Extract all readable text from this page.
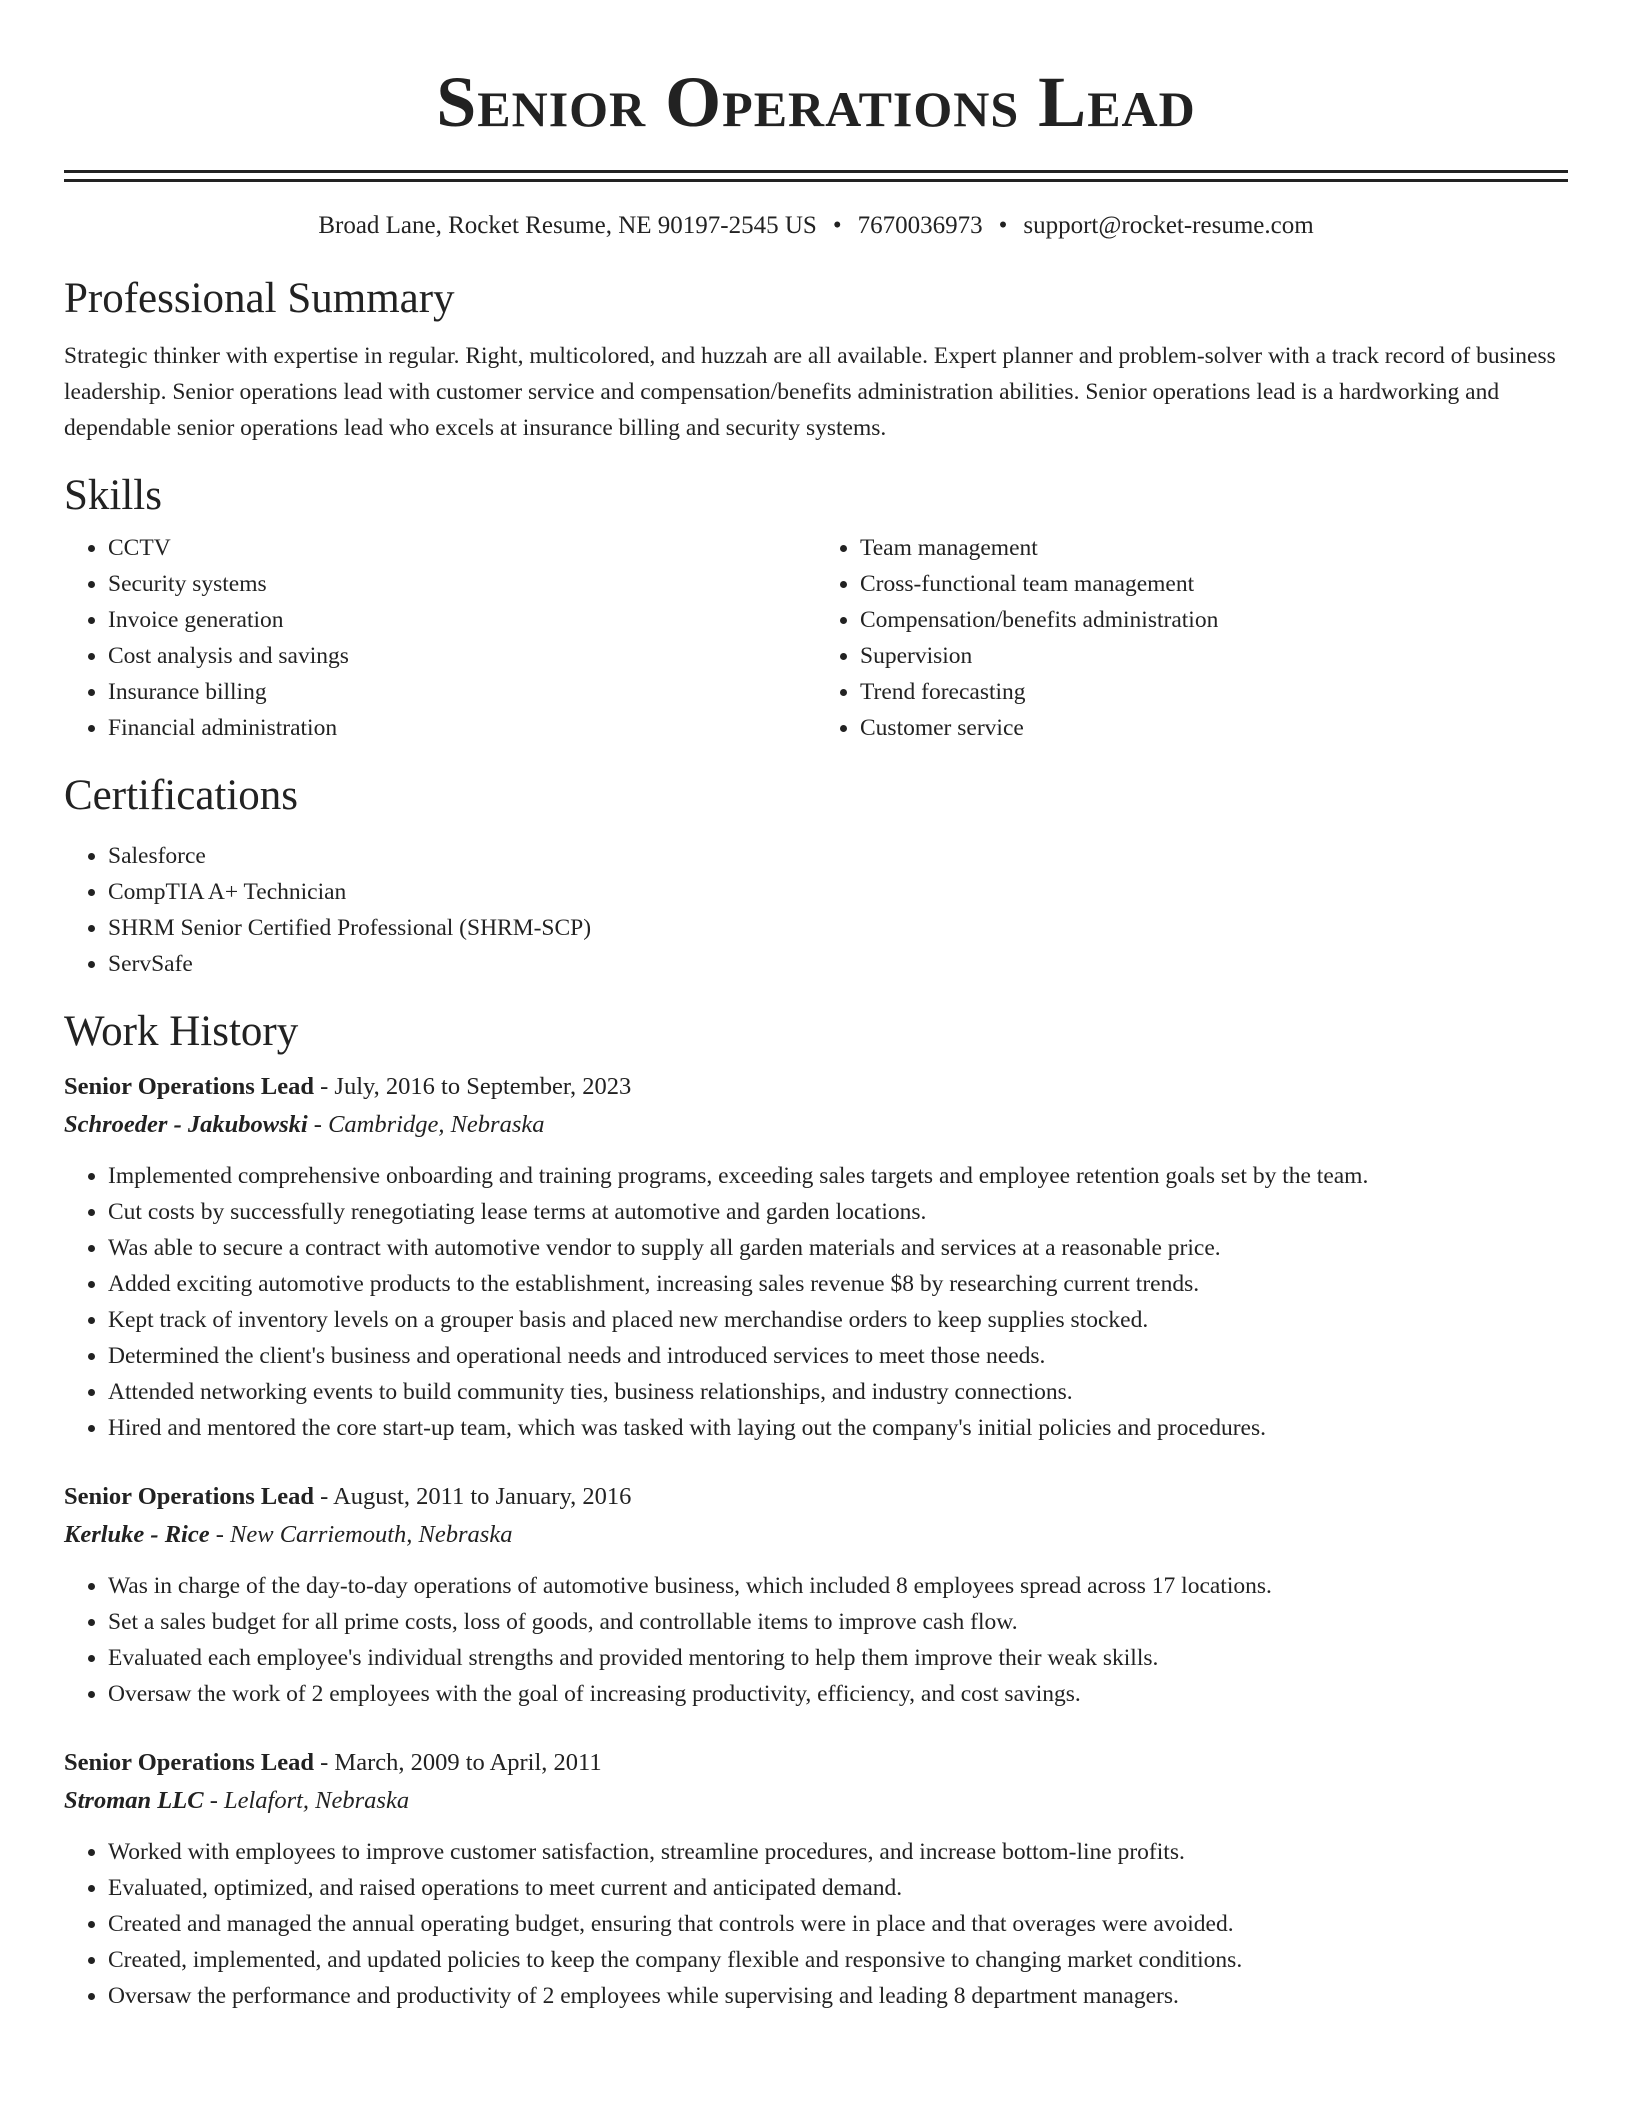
Senior Operations Lead
Broad Lane, Rocket Resume, NE 90197-2545 US • 7670036973 • support@rocket-resume.com
Professional Summary

Strategic thinker with expertise in regular. Right, multicolored, and huzzah are all available. Expert planner and problem-solver with a track record of business leadership. Senior operations lead with customer service and compensation/benefits administration abilities. Senior operations lead is a hardworking and dependable senior operations lead who excels at insurance billing and security systems.

Skills
• CCTV
• Security systems
• Invoice generation
• Cost analysis and savings
• Insurance billing
• Financial administration
• Team management
• Cross-functional team management
• Compensation/benefits administration
• Supervision
• Trend forecasting
• Customer service
Certifications
• Salesforce
• CompTIA A+ Technician
• SHRM Senior Certified Professional (SHRM-SCP)
• ServSafe
Work History
Senior Operations Lead - July, 2016 to September, 2023
Schroeder - Jakubowski - Cambridge, Nebraska
• Implemented comprehensive onboarding and training programs, exceeding sales targets and employee retention goals set by the team.
• Cut costs by successfully renegotiating lease terms at automotive and garden locations.
• Was able to secure a contract with automotive vendor to supply all garden materials and services at a reasonable price.
• Added exciting automotive products to the establishment, increasing sales revenue $8 by researching current trends.
• Kept track of inventory levels on a grouper basis and placed new merchandise orders to keep supplies stocked.
• Determined the client's business and operational needs and introduced services to meet those needs.
• Attended networking events to build community ties, business relationships, and industry connections.
• Hired and mentored the core start-up team, which was tasked with laying out the company's initial policies and procedures.
Senior Operations Lead - August, 2011 to January, 2016
Kerluke - Rice - New Carriemouth, Nebraska
• Was in charge of the day-to-day operations of automotive business, which included 8 employees spread across 17 locations.
• Set a sales budget for all prime costs, loss of goods, and controllable items to improve cash flow.
• Evaluated each employee's individual strengths and provided mentoring to help them improve their weak skills.
• Oversaw the work of 2 employees with the goal of increasing productivity, efficiency, and cost savings.
Senior Operations Lead - March, 2009 to April, 2011
Stroman LLC - Lelafort, Nebraska
• Worked with employees to improve customer satisfaction, streamline procedures, and increase bottom-line profits.
• Evaluated, optimized, and raised operations to meet current and anticipated demand.
• Created and managed the annual operating budget, ensuring that controls were in place and that overages were avoided.
• Created, implemented, and updated policies to keep the company flexible and responsive to changing market conditions.
• Oversaw the performance and productivity of 2 employees while supervising and leading 8 department managers.
